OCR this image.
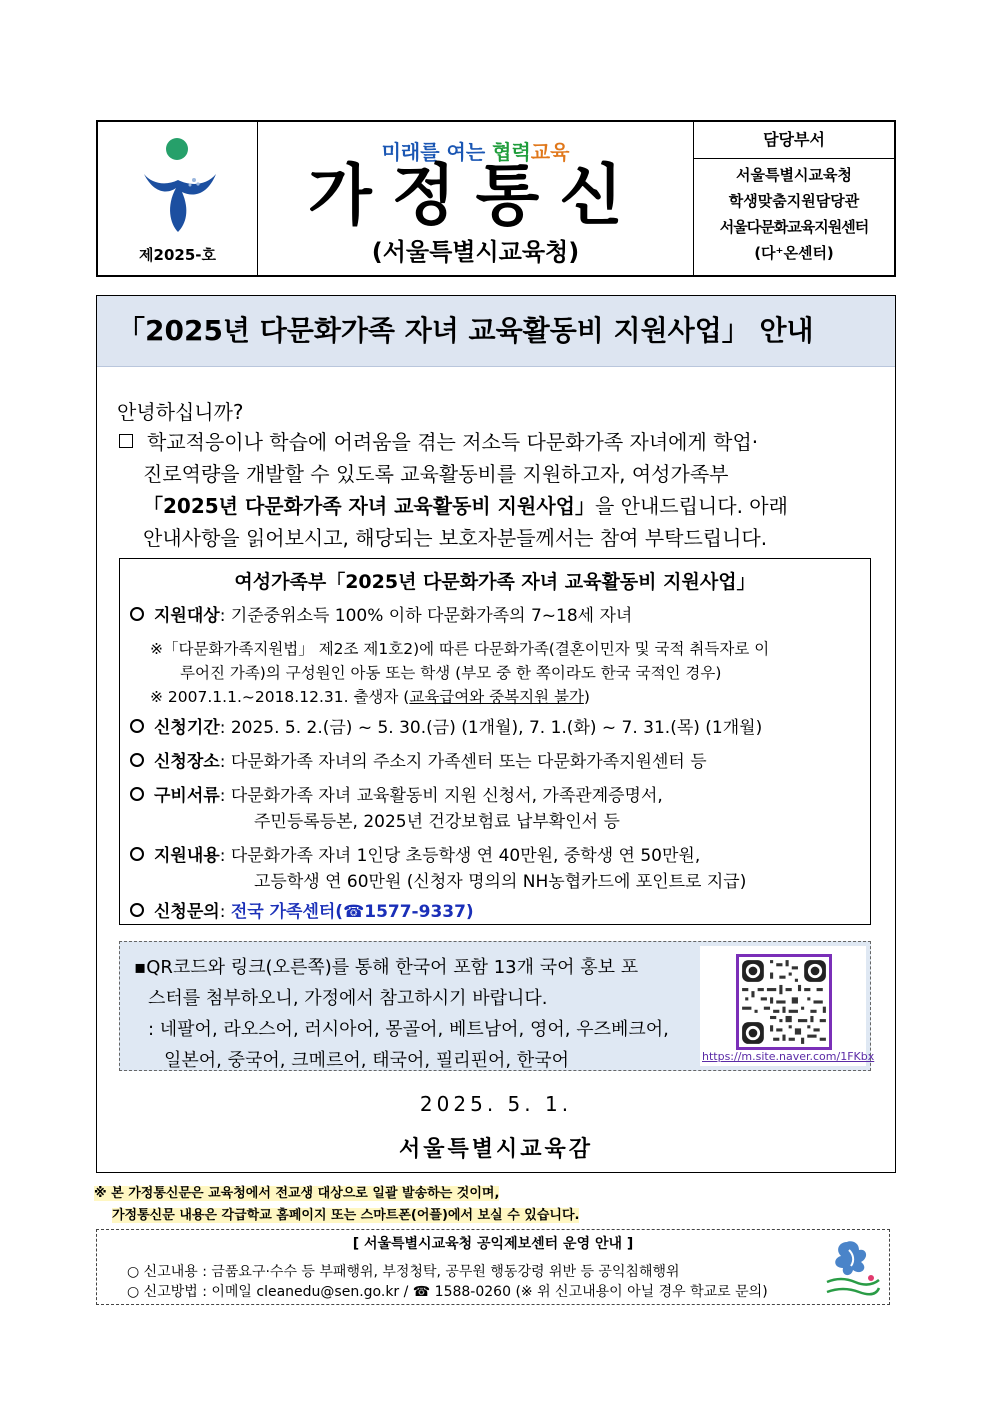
제2025-호
미래를 여는 협력교육
가정통신
(서울특별시교육청)
담당부서
서울특별시교육청
학생맞춤지원담당관
서울다문화교육지원센터
(다⁺온센터)
「2025년 다문화가족 자녀 교육활동비 지원사업」 안내
안녕하십니까?
학교적응이나 학습에 어려움을 겪는 저소득 다문화가족 자녀에게 학업·
진로역량을 개발할 수 있도록 교육활동비를 지원하고자, 여성가족부
「2025년 다문화가족 자녀 교육활동비 지원사업」을 안내드립니다. 아래
안내사항을 읽어보시고, 해당되는 보호자분들께서는 참여 부탁드립니다.
여성가족부「2025년 다문화가족 자녀 교육활동비 지원사업」
지원대상: 기준중위소득 100% 이하 다문화가족의 7~18세 자녀
※「다문화가족지원법」 제2조 제1호2)에 따른 다문화가족(결혼이민자 및 국적 취득자로 이
루어진 가족)의 구성원인 아동 또는 학생 (부모 중 한 쪽이라도 한국 국적인 경우)
※ 2007.1.1.~2018.12.31. 출생자 (교육급여와 중복지원 불가)
신청기간: 2025. 5. 2.(금) ~ 5. 30.(금) (1개월), 7. 1.(화) ~ 7. 31.(목) (1개월)
신청장소: 다문화가족 자녀의 주소지 가족센터 또는 다문화가족지원센터 등
구비서류: 다문화가족 자녀 교육활동비 지원 신청서, 가족관계증명서,
주민등록등본, 2025년 건강보험료 납부확인서 등
지원내용: 다문화가족 자녀 1인당 초등학생 연 40만원, 중학생 연 50만원,
고등학생 연 60만원 (신청자 명의의 NH농협카드에 포인트로 지급)
신청문의: 전국 가족센터(☎1577-9337)
▪QR코드와 링크(오른쪽)를 통해 한국어 포함 13개 국어 홍보 포
스터를 첨부하오니, 가정에서 참고하시기 바랍니다.
: 네팔어, 라오스어, 러시아어, 몽골어, 베트남어, 영어, 우즈베크어,
일본어, 중국어, 크메르어, 태국어, 필리핀어, 한국어	https://m.site.naver.com/1FKbx
2025. 5. 1.
서울특별시교육감
※ 본 가정통신문은 교육청에서 전교생 대상으로 일괄 발송하는 것이며,
가정통신문 내용은 각급학교 홈페이지 또는 스마트폰(어플)에서 보실 수 있습니다.
[ 서울특별시교육청 공익제보센터 운영 안내 ]
○ 신고내용 : 금품요구·수수 등 부패행위, 부정청탁, 공무원 행동강령 위반 등 공익침해행위
○ 신고방법 : 이메일 cleanedu@sen.go.kr / ☎ 1588-0260 (※ 위 신고내용이 아닐 경우 학교로 문의)
